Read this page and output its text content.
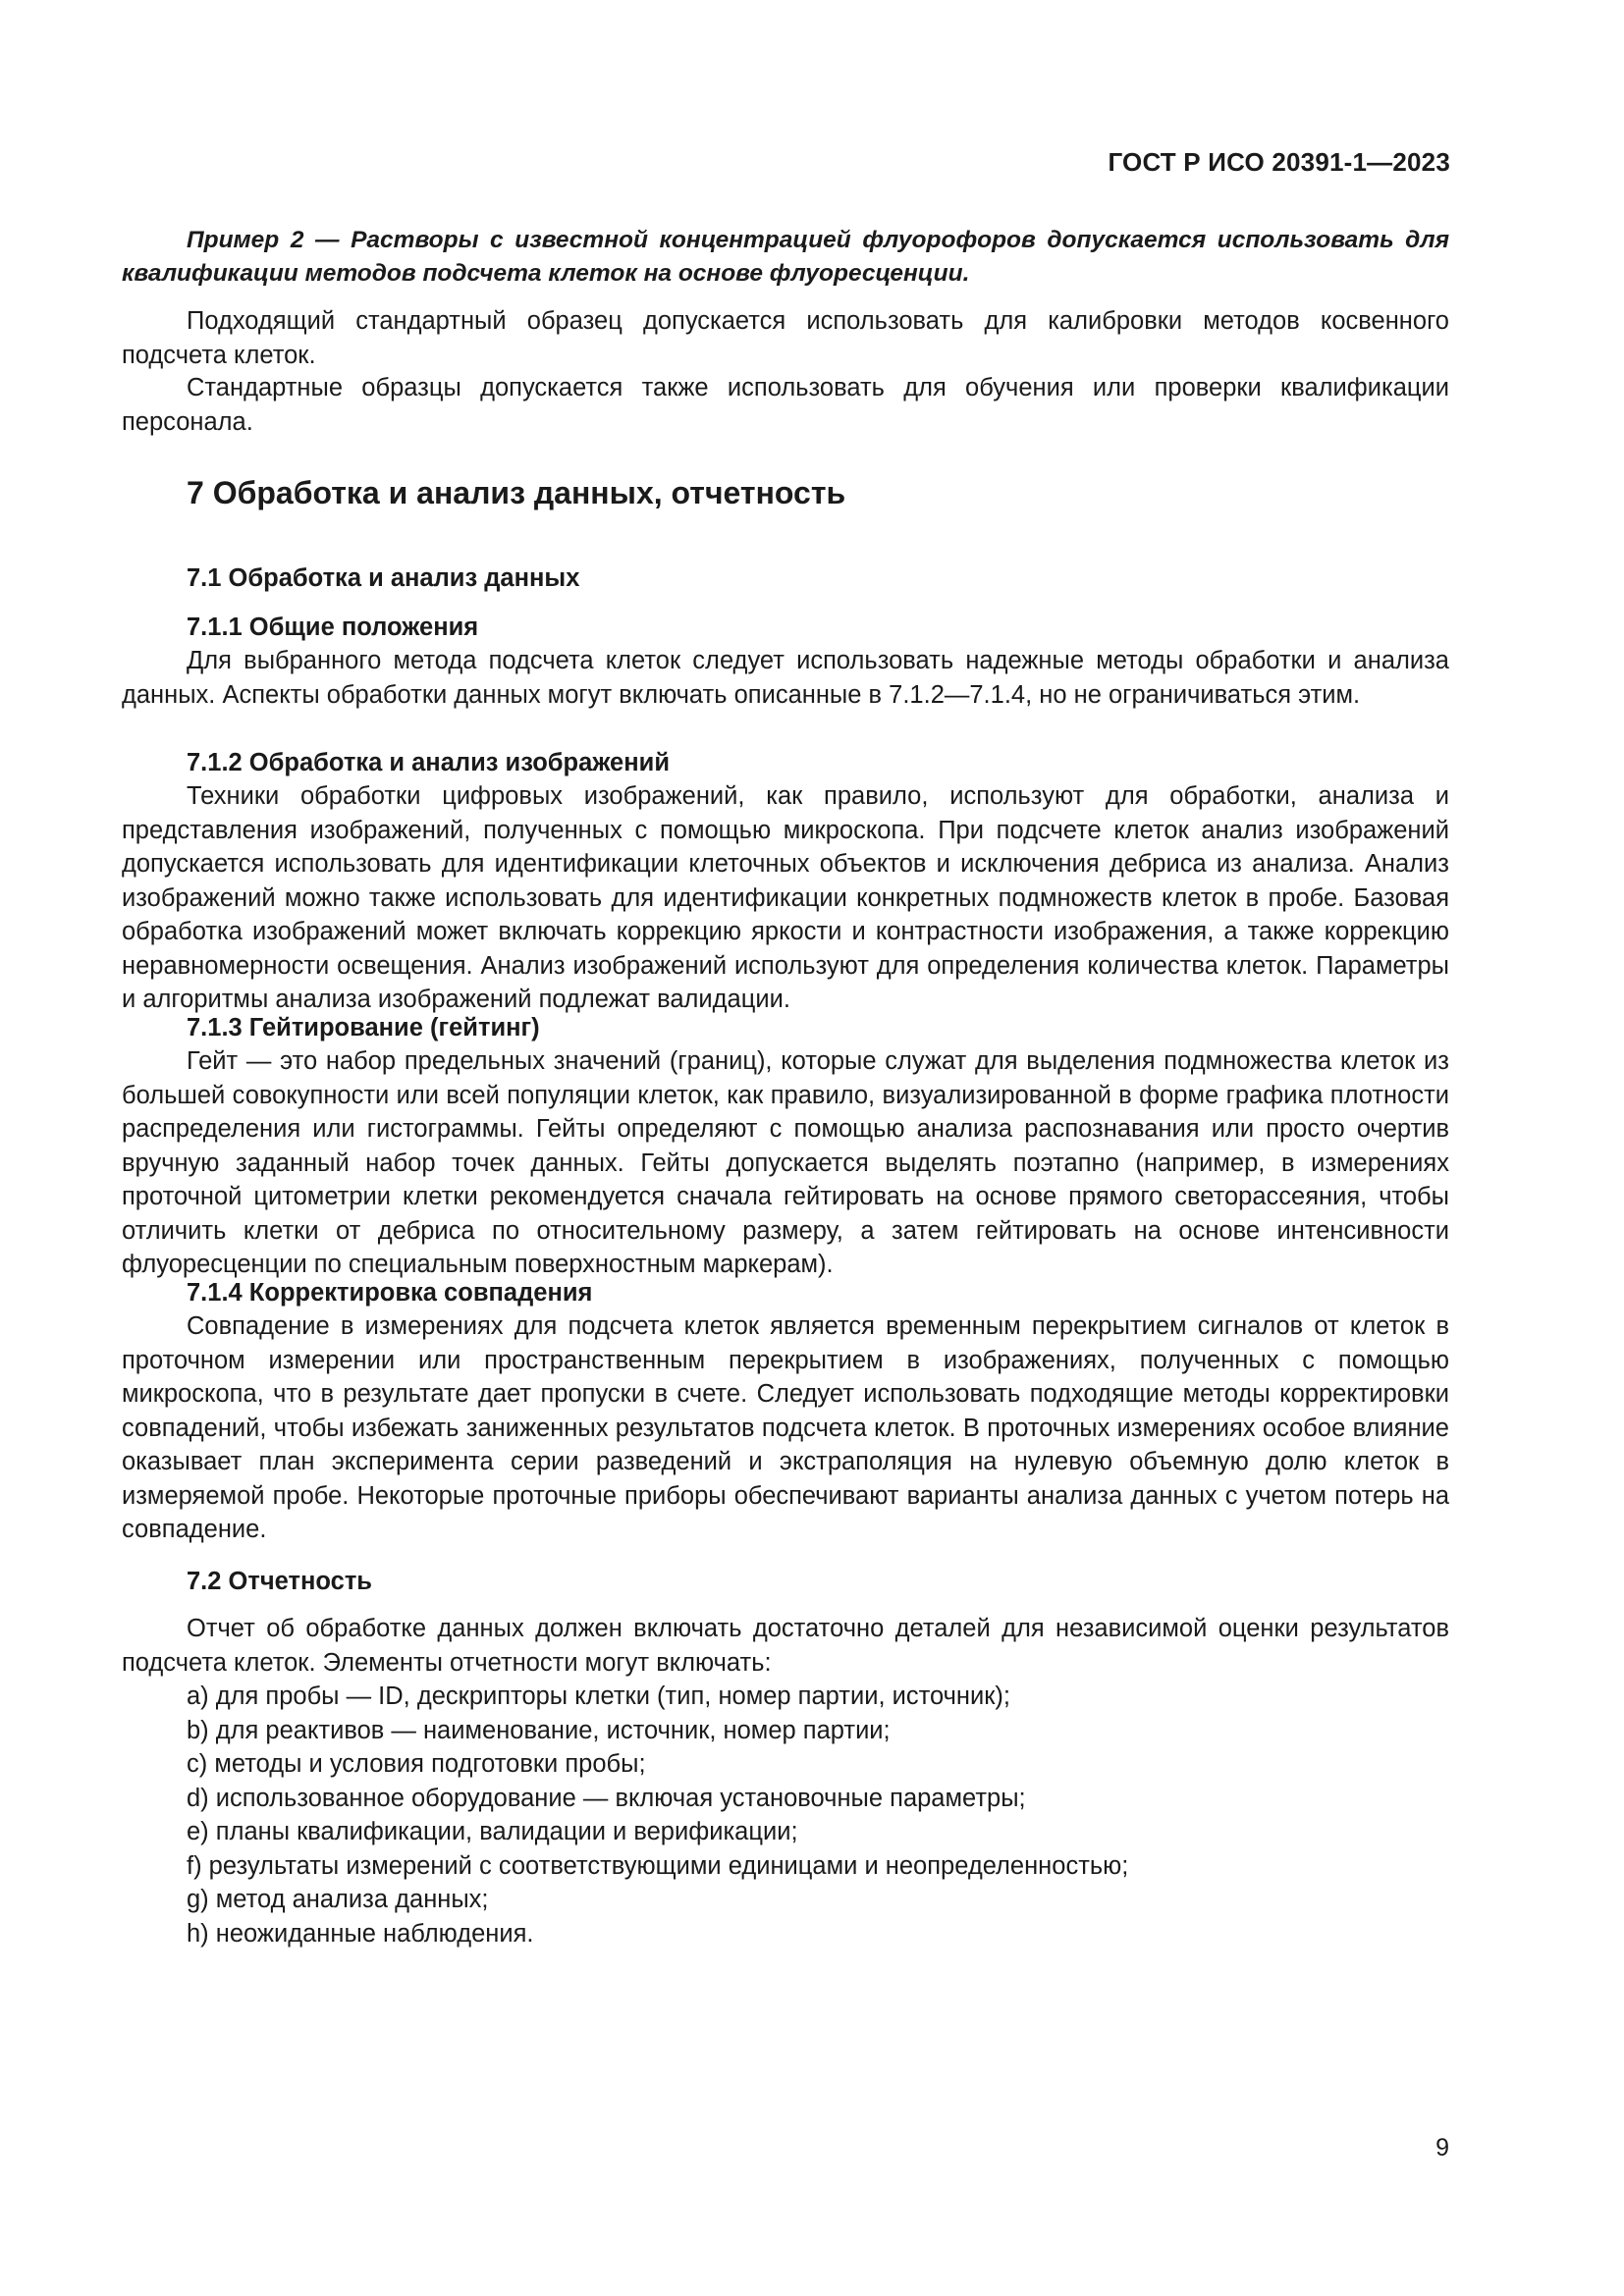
ГОСТ Р ИСО 20391-1—2023

Пример 2 — Растворы с известной концентрацией флуорофоров допускается использовать для квалификации методов подсчета клеток на основе флуоресценции.

Подходящий стандартный образец допускается использовать для калибровки методов косвенного подсчета клеток.

Стандартные образцы допускается также использовать для обучения или проверки квалификации персонала.

7 Обработка и анализ данных, отчетность
7.1 Обработка и анализ данных
7.1.1 Общие положения

Для выбранного метода подсчета клеток следует использовать надежные методы обработки и анализа данных. Аспекты обработки данных могут включать описанные в 7.1.2—7.1.4, но не ограничиваться этим.

7.1.2 Обработка и анализ изображений

Техники обработки цифровых изображений, как правило, используют для обработки, анализа и представления изображений, полученных с помощью микроскопа. При подсчете клеток анализ изображений допускается использовать для идентификации клеточных объектов и исключения дебриса из анализа. Анализ изображений можно также использовать для идентификации конкретных подмножеств клеток в пробе. Базовая обработка изображений может включать коррекцию яркости и контрастности изображения, а также коррекцию неравномерности освещения. Анализ изображений используют для определения количества клеток. Параметры и алгоритмы анализа изображений подлежат валидации.

7.1.3 Гейтирование (гейтинг)

Гейт — это набор предельных значений (границ), которые служат для выделения подмножества клеток из большей совокупности или всей популяции клеток, как правило, визуализированной в форме графика плотности распределения или гистограммы. Гейты определяют с помощью анализа распознавания или просто очертив вручную заданный набор точек данных. Гейты допускается выделять поэтапно (например, в измерениях проточной цитометрии клетки рекомендуется сначала гейтировать на основе прямого светорассеяния, чтобы отличить клетки от дебриса по относительному размеру, а затем гейтировать на основе интенсивности флуоресценции по специальным поверхностным маркерам).

7.1.4 Корректировка совпадения

Совпадение в измерениях для подсчета клеток является временным перекрытием сигналов от клеток в проточном измерении или пространственным перекрытием в изображениях, полученных с помощью микроскопа, что в результате дает пропуски в счете. Следует использовать подходящие методы корректировки совпадений, чтобы избежать заниженных результатов подсчета клеток. В проточных измерениях особое влияние оказывает план эксперимента серии разведений и экстраполяция на нулевую объемную долю клеток в измеряемой пробе. Некоторые проточные приборы обеспечивают варианты анализа данных с учетом потерь на совпадение.

7.2 Отчетность

Отчет об обработке данных должен включать достаточно деталей для независимой оценки результатов подсчета клеток. Элементы отчетности могут включать:

a) для пробы — ID, дескрипторы клетки (тип, номер партии, источник);

b) для реактивов — наименование, источник, номер партии;

c) методы и условия подготовки пробы;

d) использованное оборудование — включая установочные параметры;

e) планы квалификации, валидации и верификации;

f) результаты измерений с соответствующими единицами и неопределенностью;

g) метод анализа данных;

h) неожиданные наблюдения.

9
